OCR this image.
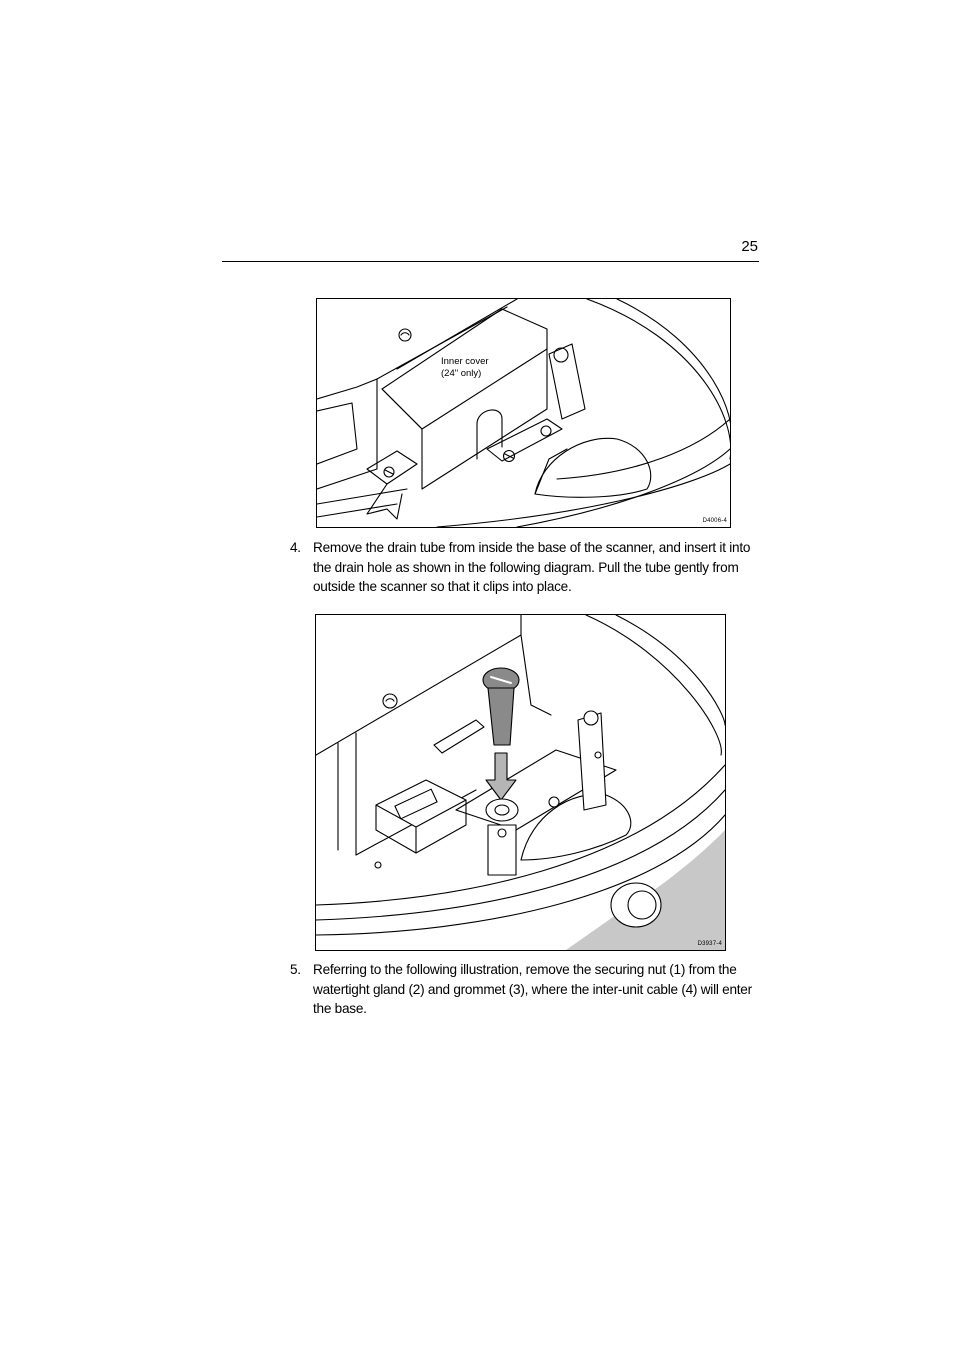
25
Inner cover
(24" only)
D4006-4
4. Remove the drain tube from inside the base of the scanner, and insert it into the drain hole as shown in the following diagram. Pull the tube gently from outside the scanner so that it clips into place.
D3937-4
5. Referring to the following illustration, remove the securing nut (1) from the watertight gland (2) and grommet (3), where the inter-unit cable (4) will enter the base.
